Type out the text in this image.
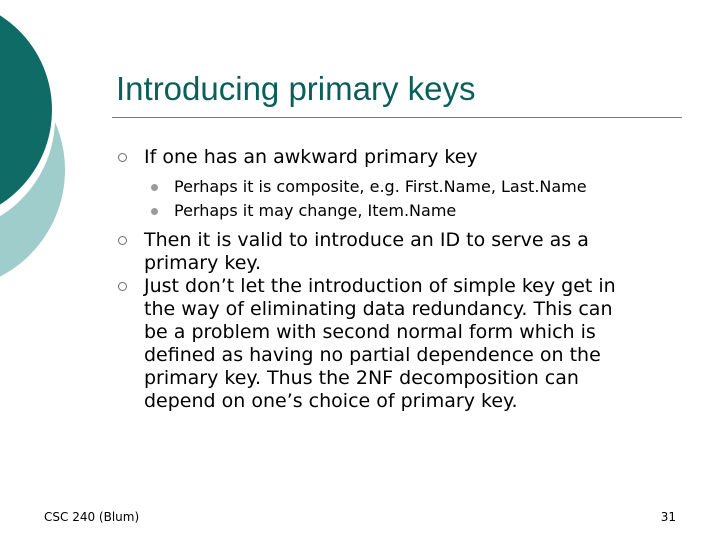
Introducing primary keys
If one has an awkward primary key
Perhaps it is composite, e.g. First.Name, Last.Name
Perhaps it may change, Item.Name
Then it is valid to introduce an ID to serve as a
primary key.
Just don’t let the introduction of simple key get in
the way of eliminating data redundancy. This can
be a problem with second normal form which is
defined as having no partial dependence on the
primary key. Thus the 2NF decomposition can
depend on one’s choice of primary key.
CSC 240 (Blum)	31
